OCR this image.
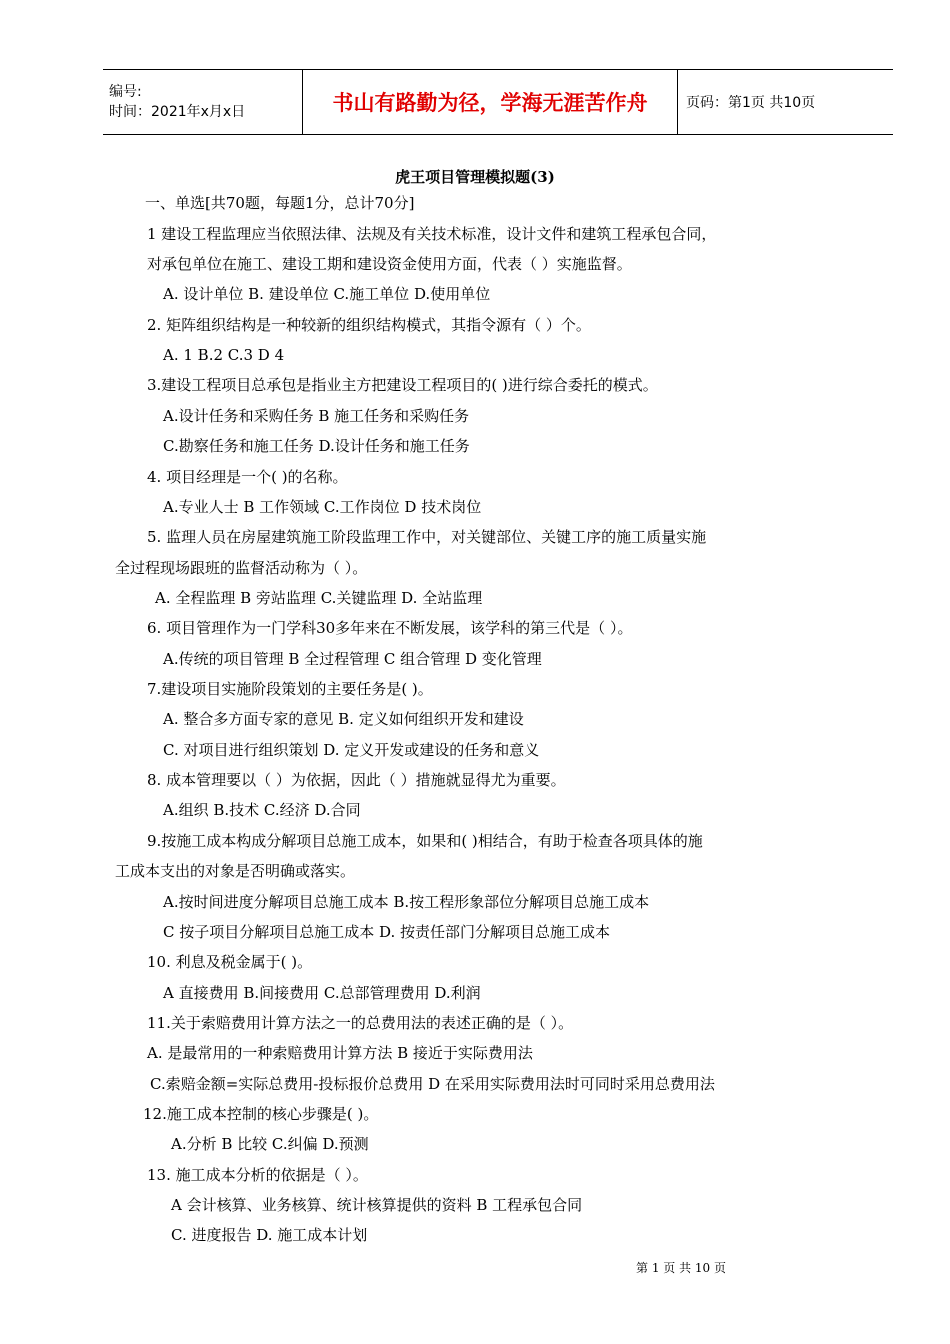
编号:
时间：2021年x月x日	书山有路勤为径，学海无涯苦作舟	页码：第1页 共10页
虎王项目管理模拟题(3)
一、单选[共70题，每题1分，总计70分]
1 建设工程监理应当依照法律、法规及有关技术标准，设计文件和建筑工程承包合同，
对承包单位在施工、建设工期和建设资金使用方面，代表（ ）实施监督。
A. 设计单位 B. 建设单位 C.施工单位 D.使用单位
2. 矩阵组织结构是一种较新的组织结构模式，其指令源有（ ）个。
A. 1 B.2 C.3 D 4
3.建设工程项目总承包是指业主方把建设工程项目的( )进行综合委托的模式。
A.设计任务和采购任务 B 施工任务和采购任务
C.勘察任务和施工任务 D.设计任务和施工任务
4. 项目经理是一个( )的名称。
A.专业人士 B 工作领域 C.工作岗位 D 技术岗位
5. 监理人员在房屋建筑施工阶段监理工作中，对关键部位、关键工序的施工质量实施
全过程现场跟班的监督活动称为（ ）。
A. 全程监理 B 旁站监理 C.关键监理 D. 全站监理
6. 项目管理作为一门学科30多年来在不断发展，该学科的第三代是（ ）。
A.传统的项目管理 B 全过程管理 C 组合管理 D 变化管理
7.建设项目实施阶段策划的主要任务是( )。
A. 整合多方面专家的意见 B. 定义如何组织开发和建设
C. 对项目进行组织策划 D. 定义开发或建设的任务和意义
8. 成本管理要以（ ）为依据，因此（ ）措施就显得尤为重要。
A.组织 B.技术 C.经济 D.合同
9.按施工成本构成分解项目总施工成本，如果和( )相结合，有助于检查各项具体的施
工成本支出的对象是否明确或落实。
A.按时间进度分解项目总施工成本 B.按工程形象部位分解项目总施工成本
C 按子项目分解项目总施工成本 D. 按责任部门分解项目总施工成本
10. 利息及税金属于( )。
A 直接费用 B.间接费用 C.总部管理费用 D.利润
11.关于索赔费用计算方法之一的总费用法的表述正确的是（ ）。
A. 是最常用的一种索赔费用计算方法 B 接近于实际费用法
C.索赔金额=实际总费用-投标报价总费用 D 在采用实际费用法时可同时采用总费用法
12.施工成本控制的核心步骤是( )。
A.分析 B 比较 C.纠偏 D.预测
13. 施工成本分析的依据是（ ）。
A 会计核算、业务核算、统计核算提供的资料 B 工程承包合同
C. 进度报告 D. 施工成本计划
第 1 页 共 10 页
